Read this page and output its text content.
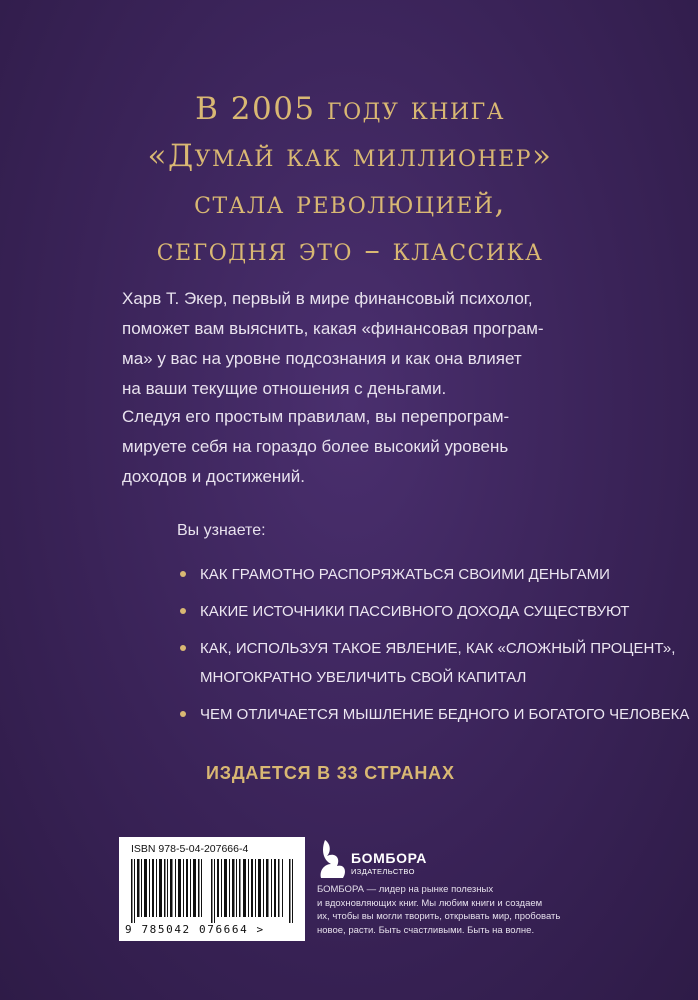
В 2005 году книга
«Думай как миллионер»
стала революцией,
сегодня это – классика
Харв Т. Экер, первый в мире финансовый психолог,
поможет вам выяснить, какая «финансовая програм-
ма» у вас на уровне подсознания и как она влияет
на ваши текущие отношения с деньгами.
Следуя его простым правилам, вы перепрограм-
мируете себя на гораздо более высокий уровень
доходов и достижений.
Вы узнаете:
КАК ГРАМОТНО РАСПОРЯЖАТЬСЯ СВОИМИ ДЕНЬГАМИ
КАКИЕ ИСТОЧНИКИ ПАССИВНОГО ДОХОДА СУЩЕСТВУЮТ
КАК, ИСПОЛЬЗУЯ ТАКОЕ ЯВЛЕНИЕ, КАК «СЛОЖНЫЙ ПРОЦЕНТ»,
МНОГОКРАТНО УВЕЛИЧИТЬ СВОЙ КАПИТАЛ
ЧЕМ ОТЛИЧАЕТСЯ МЫШЛЕНИЕ БЕДНОГО И БОГАТОГО ЧЕЛОВЕКА
ИЗДАЕТСЯ В 33 СТРАНАХ
ISBN 978-5-04-207666-4
9 785042 076664 >
БОМБОРА
ИЗДАТЕЛЬСТВО
БОМБОРА — лидер на рынке полезных
и вдохновляющих книг. Мы любим книги и создаем
их, чтобы вы могли творить, открывать мир, пробовать
новое, расти. Быть счастливыми. Быть на волне.
